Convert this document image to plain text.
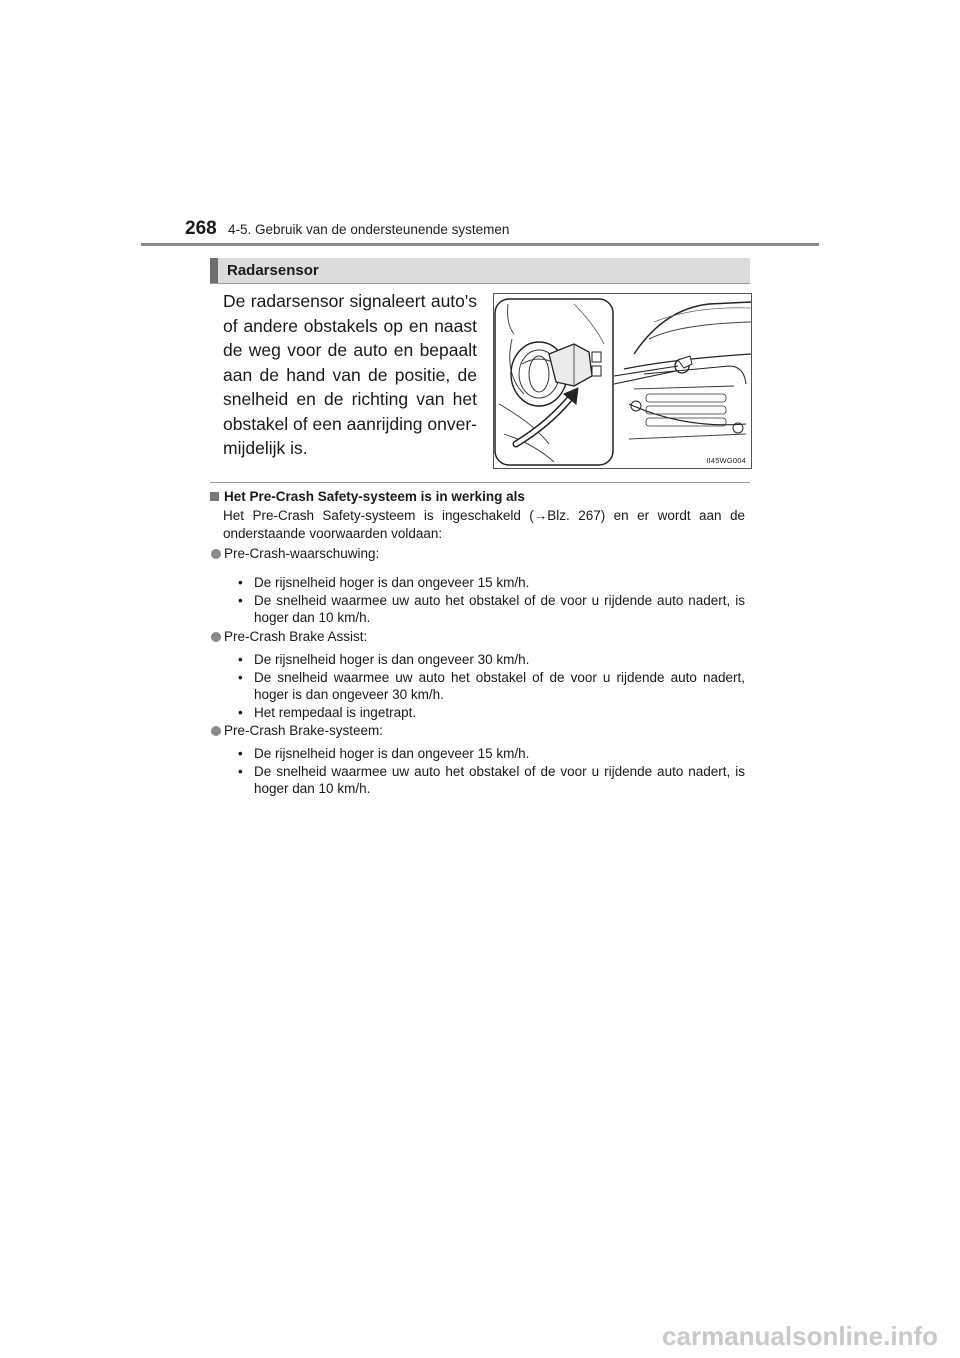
268 4-5. Gebruik van de ondersteunende systemen
Radarsensor
De radarsensor signaleert auto's of andere obstakels op en naast de weg voor de auto en bepaalt aan de hand van de positie, de snelheid en de richting van het obstakel of een aanrijding onver-mijdelijk is.
II45WG004
Het Pre-Crash Safety-systeem is in werking als
Het Pre-Crash Safety-systeem is ingeschakeld (→Blz. 267) en er wordt aan de onderstaande voorwaarden voldaan:
Pre-Crash-waarschuwing:
• De rijsnelheid hoger is dan ongeveer 15 km/h.
• De snelheid waarmee uw auto het obstakel of de voor u rijdende auto nadert, is hoger dan 10 km/h.
Pre-Crash Brake Assist:
• De rijsnelheid hoger is dan ongeveer 30 km/h.
• De snelheid waarmee uw auto het obstakel of de voor u rijdende auto nadert, hoger is dan ongeveer 30 km/h.
• Het rempedaal is ingetrapt.
Pre-Crash Brake-systeem:
• De rijsnelheid hoger is dan ongeveer 15 km/h.
• De snelheid waarmee uw auto het obstakel of de voor u rijdende auto nadert, is hoger dan 10 km/h.
carmanualsonline.info
